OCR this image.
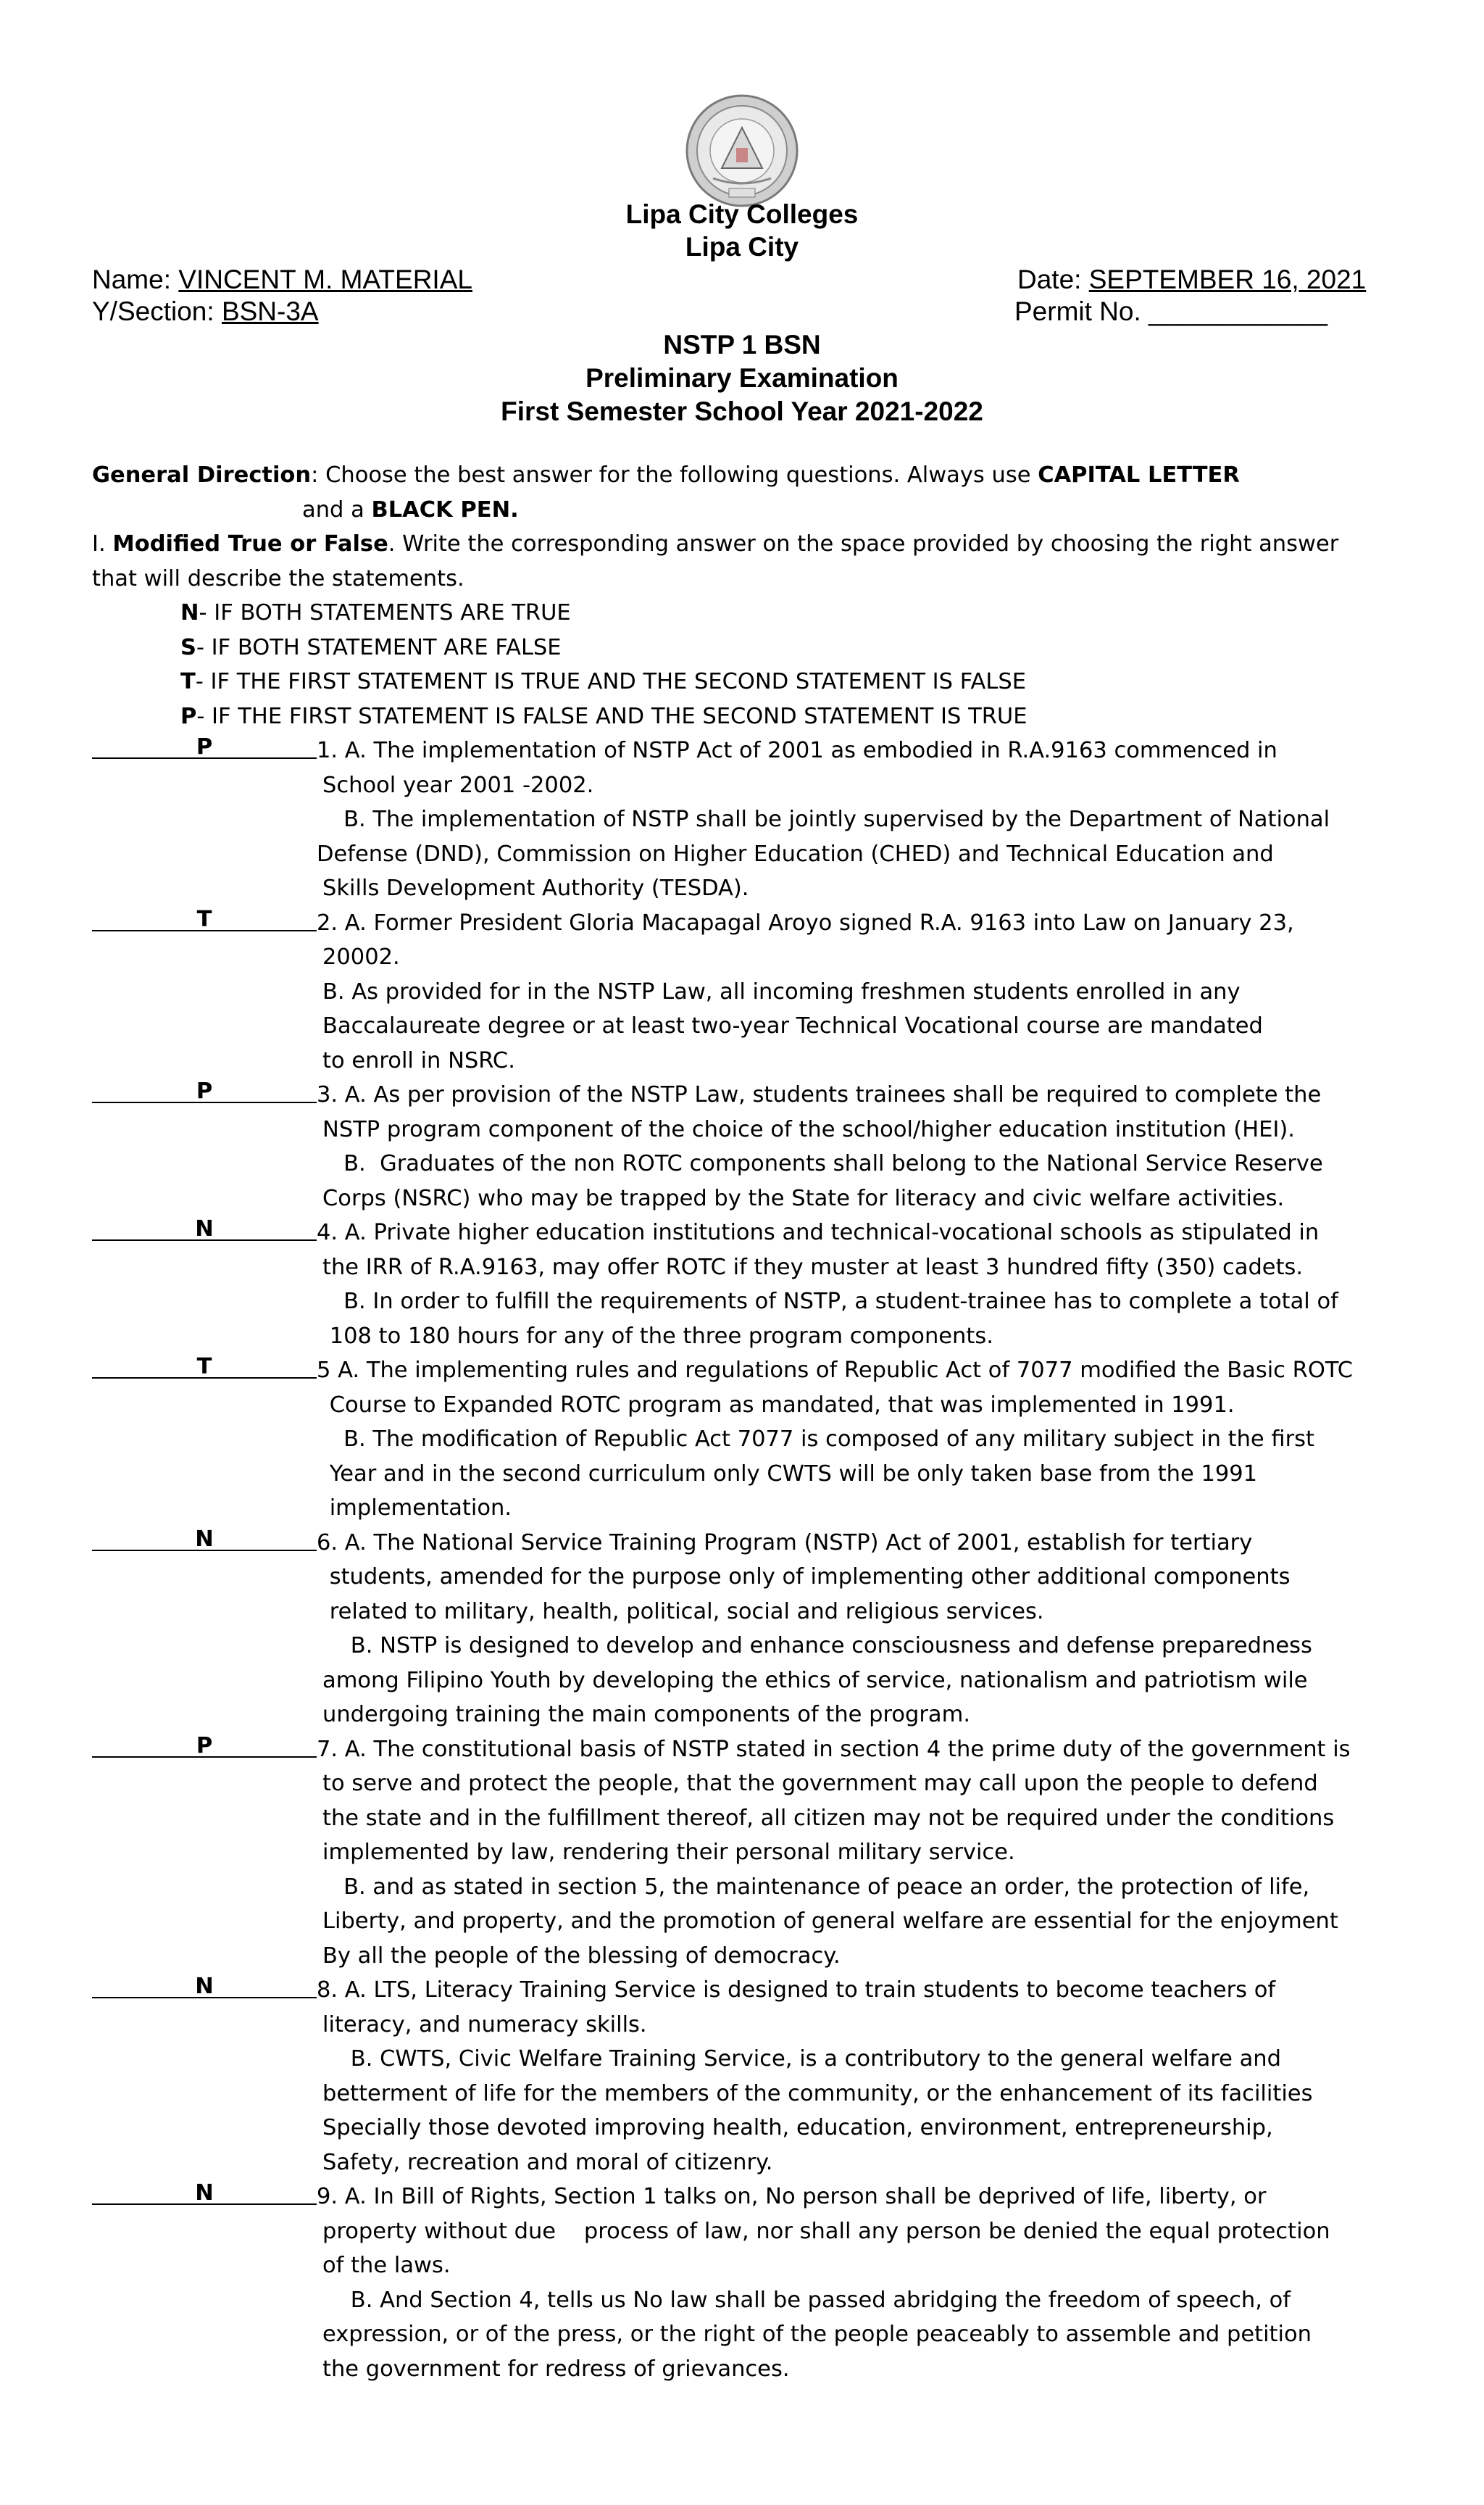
Lipa City Colleges
Lipa City
Name: VINCENT M. MATERIAL	Date: SEPTEMBER 16, 2021
Y/Section: BSN-3A	Permit No. ____________
NSTP 1 BSN
Preliminary Examination
First Semester School Year 2021-2022
General Direction: Choose the best answer for the following questions. Always use CAPITAL LETTER
and a BLACK PEN.
I. Modified True or False. Write the corresponding answer on the space provided by choosing the right answer
that will describe the statements.
N- IF BOTH STATEMENTS ARE TRUE
S- IF BOTH STATEMENT ARE FALSE
T- IF THE FIRST STATEMENT IS TRUE AND THE SECOND STATEMENT IS FALSE
P- IF THE FIRST STATEMENT IS FALSE AND THE SECOND STATEMENT IS TRUE
P	1. A. The implementation of NSTP Act of 2001 as embodied in R.A.9163 commenced in
School year 2001 -2002.
B. The implementation of NSTP shall be jointly supervised by the Department of National
Defense (DND), Commission on Higher Education (CHED) and Technical Education and
Skills Development Authority (TESDA).
T	2. A. Former President Gloria Macapagal Aroyo signed R.A. 9163 into Law on January 23,
20002.
B. As provided for in the NSTP Law, all incoming freshmen students enrolled in any
Baccalaureate degree or at least two-year Technical Vocational course are mandated
to enroll in NSRC.
P	3. A. As per provision of the NSTP Law, students trainees shall be required to complete the
NSTP program component of the choice of the school/higher education institution (HEI).
B.  Graduates of the non ROTC components shall belong to the National Service Reserve
Corps (NSRC) who may be trapped by the State for literacy and civic welfare activities.
N	4. A. Private higher education institutions and technical-vocational schools as stipulated in
the IRR of R.A.9163, may offer ROTC if they muster at least 3 hundred fifty (350) cadets.
B. In order to fulfill the requirements of NSTP, a student-trainee has to complete a total of
108 to 180 hours for any of the three program components.
T	5 A. The implementing rules and regulations of Republic Act of 7077 modified the Basic ROTC
Course to Expanded ROTC program as mandated, that was implemented in 1991.
B. The modification of Republic Act 7077 is composed of any military subject in the first
Year and in the second curriculum only CWTS will be only taken base from the 1991
implementation.
N	6. A. The National Service Training Program (NSTP) Act of 2001, establish for tertiary
students, amended for the purpose only of implementing other additional components
related to military, health, political, social and religious services.
B. NSTP is designed to develop and enhance consciousness and defense preparedness
among Filipino Youth by developing the ethics of service, nationalism and patriotism wile
undergoing training the main components of the program.
P	7. A. The constitutional basis of NSTP stated in section 4 the prime duty of the government is
to serve and protect the people, that the government may call upon the people to defend
the state and in the fulfillment thereof, all citizen may not be required under the conditions
implemented by law, rendering their personal military service.
B. and as stated in section 5, the maintenance of peace an order, the protection of life,
Liberty, and property, and the promotion of general welfare are essential for the enjoyment
By all the people of the blessing of democracy.
N	8. A. LTS, Literacy Training Service is designed to train students to become teachers of
literacy, and numeracy skills.
B. CWTS, Civic Welfare Training Service, is a contributory to the general welfare and
betterment of life for the members of the community, or the enhancement of its facilities
Specially those devoted improving health, education, environment, entrepreneurship,
Safety, recreation and moral of citizenry.
N	9. A. In Bill of Rights, Section 1 talks on, No person shall be deprived of life, liberty, or
property without due    process of law, nor shall any person be denied the equal protection
of the laws.
B. And Section 4, tells us No law shall be passed abridging the freedom of speech, of
expression, or of the press, or the right of the people peaceably to assemble and petition
the government for redress of grievances.
